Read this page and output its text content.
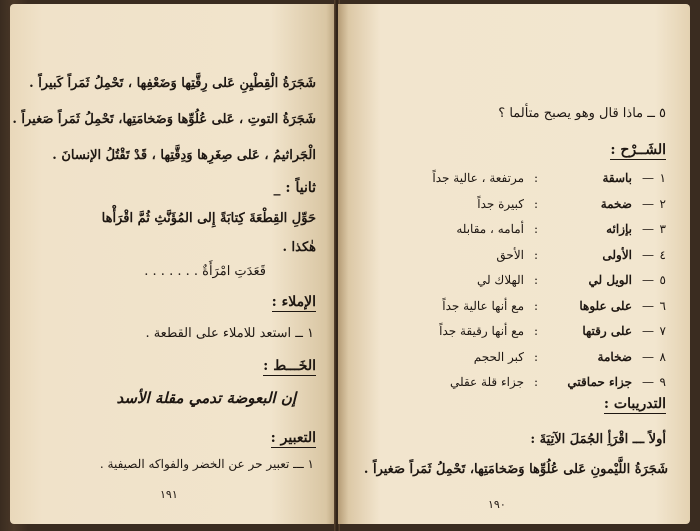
شَجَرَةُ الْقِطْيِنِ عَلى رِقَّتِها وَضَعْفِها ، تَحْمِلُ ثَمَراً كَبيراً .
شَجَرَةُ التوتِ ، عَلى عُلُوِّها وَضَخامَتِها، تَحْمِلُ ثَمَراً صَغيراً .
الْجَراثيمُ ، عَلى صِغَرِها وَدِقَّتِها ، قَدْ تَقْتُلُ الإنسانَ .
ثانياً : _
حَوِّلِ القِطْعَةَ كِتابَةً إِلى المُؤَنَّثِ ثُمَّ اقْرَأْها
هٰكذا .
قَعَدَتِ امْرَأَةٌ . . . . . . .
الإملاء :
١ ــ استعد للاملاء على القطعة .
الخَـــط :
إن البعوضة تدمي مقلة الأسد
التعبير :
١ ـــ تعبير حر عن الخضر والفواكه الصيفية .
١٩١
٥ ــ ماذا قال وهو يصبح متألما ؟
الشَــرْح :
١
—
باسقة
:
مرتفعة ، عالية جداً
٢
—
ضخمة
:
كبيرة جداً
٣
—
بإزائه
:
أمامه ، مقابله
٤
—
الأولى
:
الأحق
٥
—
الويل لي
:
الهلاك لي
٦
—
على علوها
:
مع أنها عالية جداً
٧
—
على رقتها
:
مع أنها رقيقة جداً
٨
—
ضخامة
:
كبر الحجم
٩
—
جزاء حماقتي
:
جزاء قلة عقلي
التدريبات :
أولاً ـــ اقْرَأِ الجُمَلَ الآتِيَةَ :
شَجَرَةُ اللَّيْمونِ عَلى عُلُوِّها وَضَخامَتِها، تَحْمِلُ ثَمَراً صَغيراً .
١٩٠
